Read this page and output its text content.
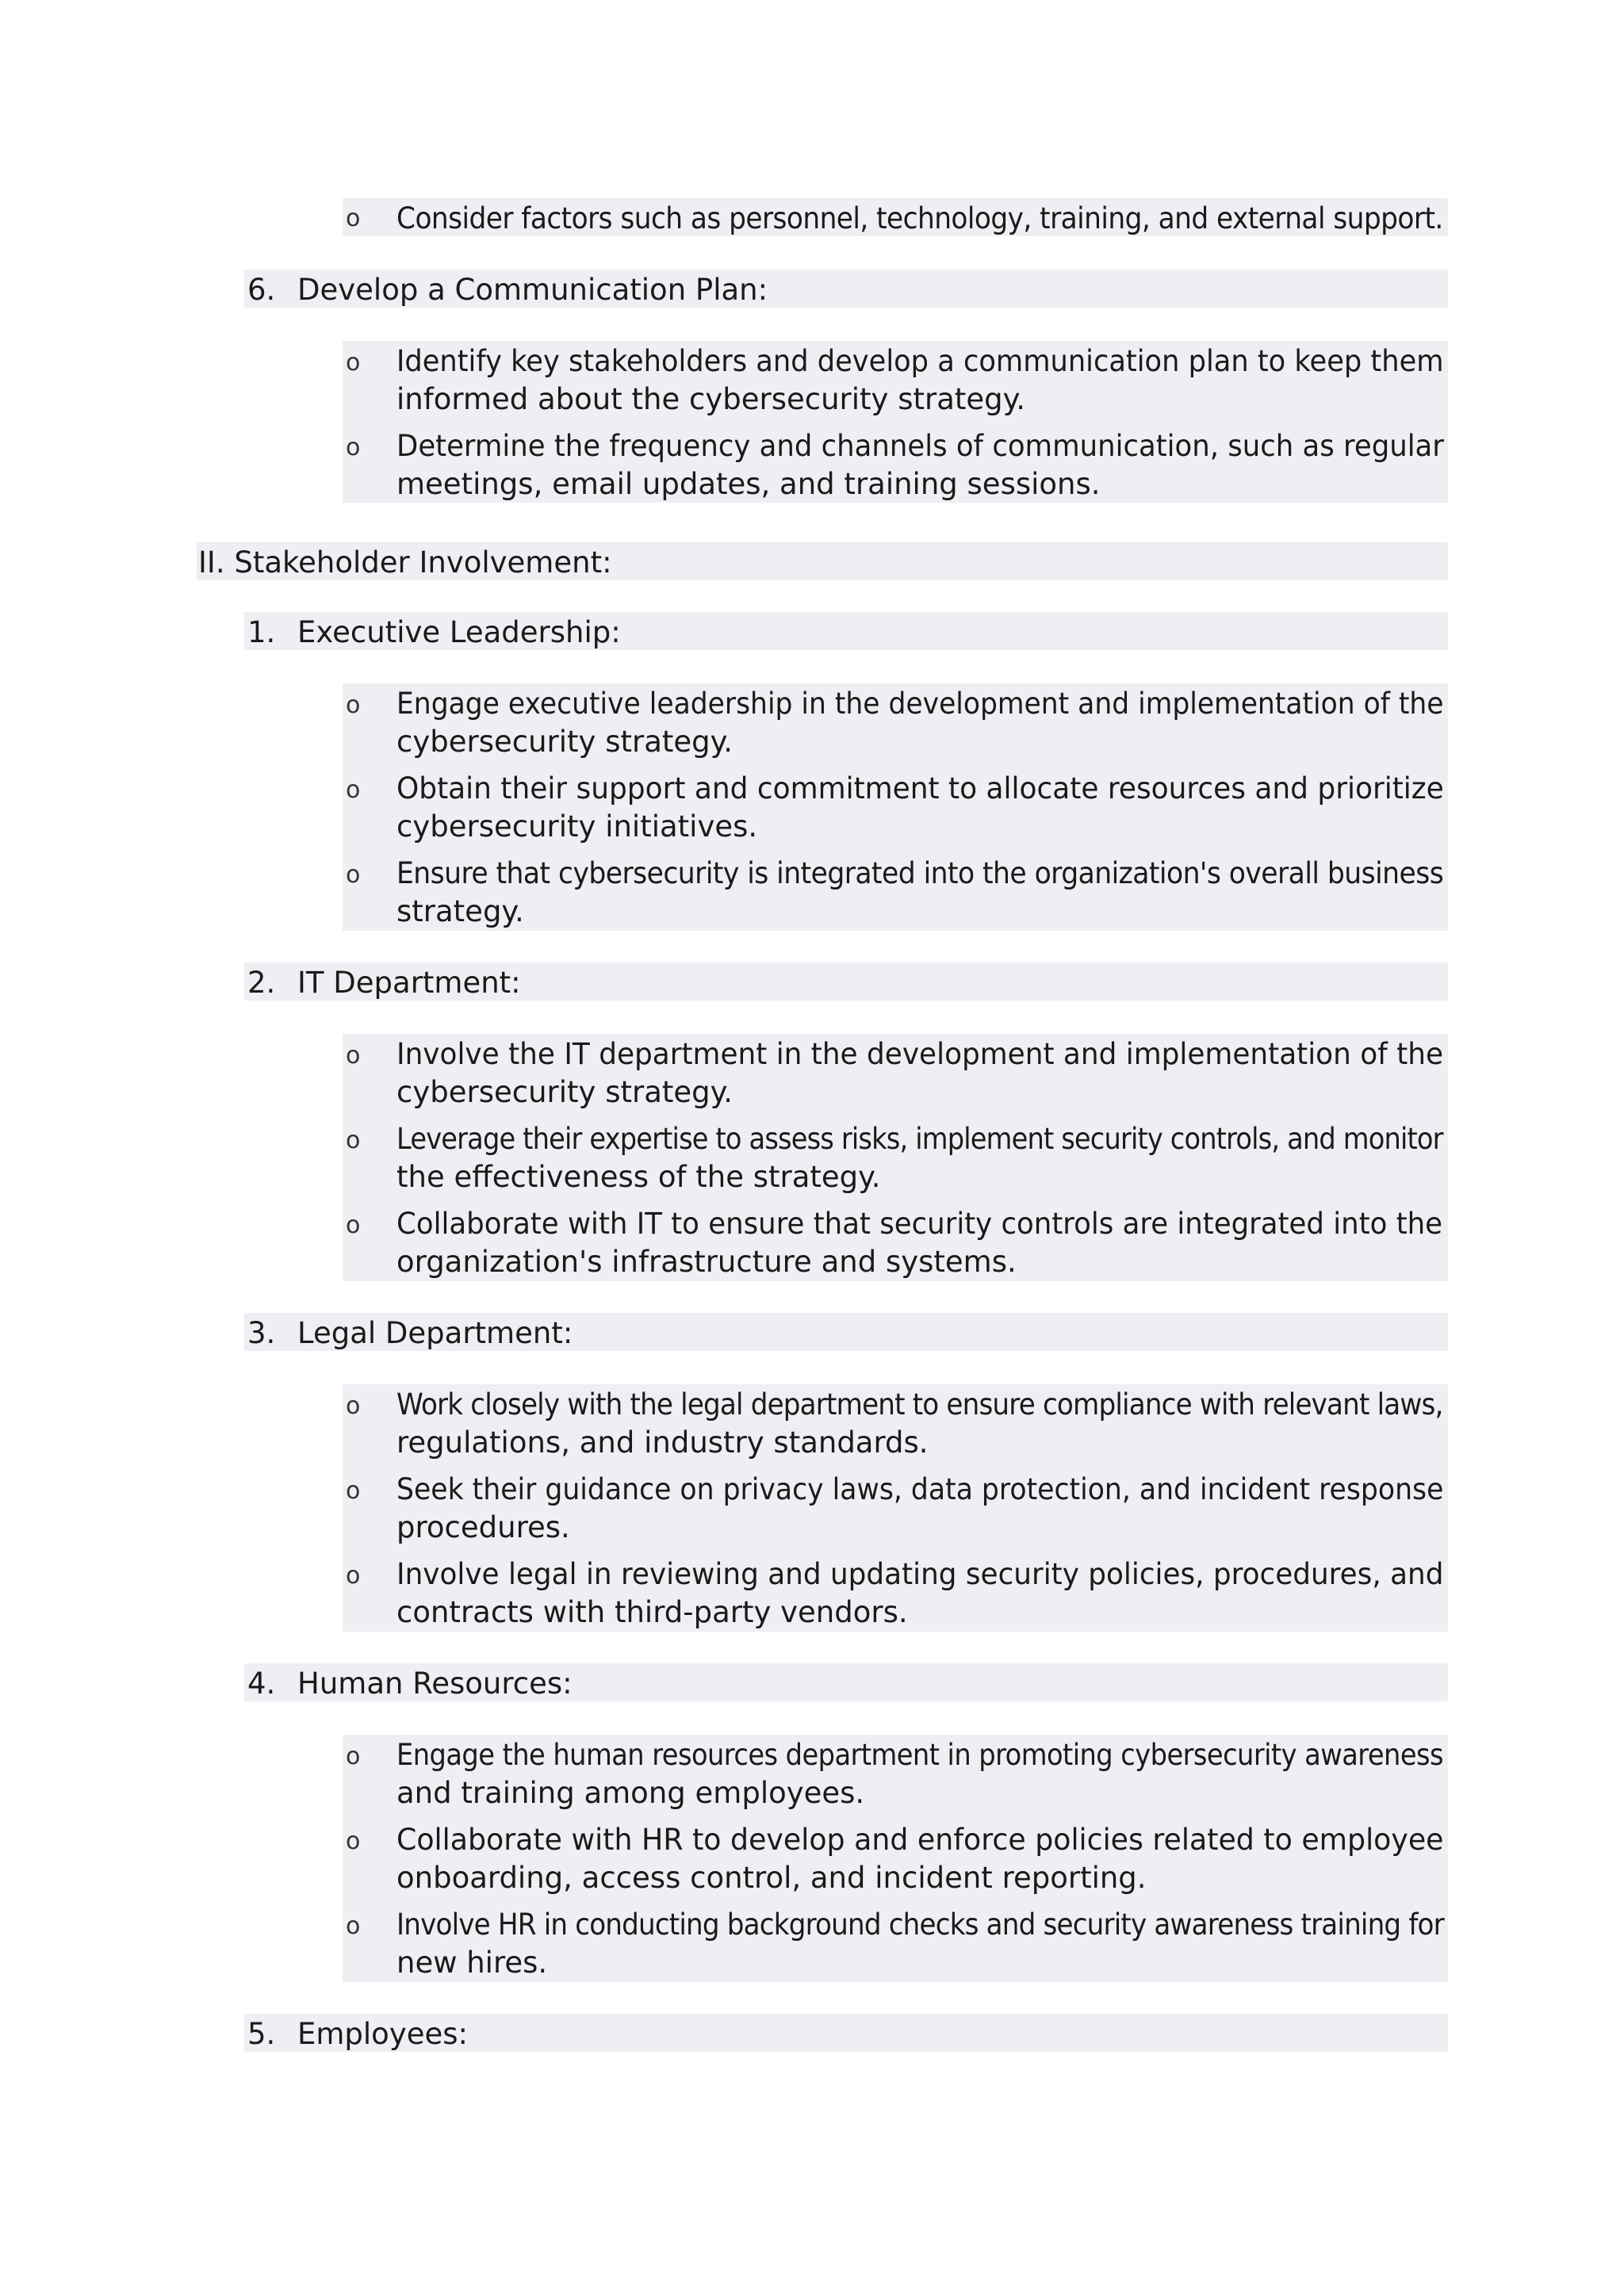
o Consider factors such as personnel, technology, training, and external support.
6. Develop a Communication Plan:
o Identify key stakeholders and develop a communication plan to keep them
informed about the cybersecurity strategy.
o Determine the frequency and channels of communication, such as regular
meetings, email updates, and training sessions.
II. Stakeholder Involvement:
1. Executive Leadership:
o Engage executive leadership in the development and implementation of the
cybersecurity strategy.
o Obtain their support and commitment to allocate resources and prioritize
cybersecurity initiatives.
o Ensure that cybersecurity is integrated into the organization's overall business
strategy.
2. IT Department:
o Involve the IT department in the development and implementation of the
cybersecurity strategy.
o Leverage their expertise to assess risks, implement security controls, and monitor
the effectiveness of the strategy.
o Collaborate with IT to ensure that security controls are integrated into the
organization's infrastructure and systems.
3. Legal Department:
o Work closely with the legal department to ensure compliance with relevant laws,
regulations, and industry standards.
o Seek their guidance on privacy laws, data protection, and incident response
procedures.
o Involve legal in reviewing and updating security policies, procedures, and
contracts with third-party vendors.
4. Human Resources:
o Engage the human resources department in promoting cybersecurity awareness
and training among employees.
o Collaborate with HR to develop and enforce policies related to employee
onboarding, access control, and incident reporting.
o Involve HR in conducting background checks and security awareness training for
new hires.
5. Employees:
